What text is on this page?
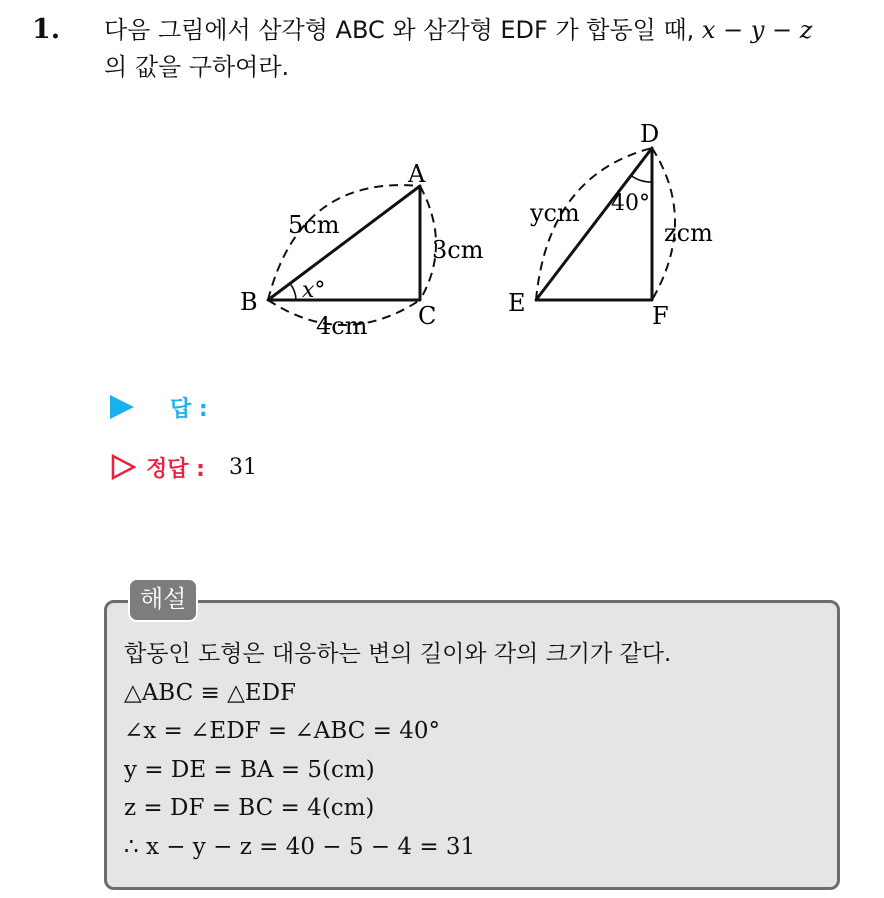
1. 다음 그림에서 삼각형 ABC 와 삼각형 EDF 가 합동일 때, x − y − z
의 값을 구하여라.
A
B	C
5cm
3cm
4cm
x°
D
E	F
ycm
zcm
40°
답 :
정답 : 31
해설
합동인 도형은 대응하는 변의 길이와 각의 크기가 같다.
△ABC ≡ △EDF
∠x = ∠EDF = ∠ABC = 40°
y = DE = BA = 5(cm)
z = DF = BC = 4(cm)
∴ x − y − z = 40 − 5 − 4 = 31
